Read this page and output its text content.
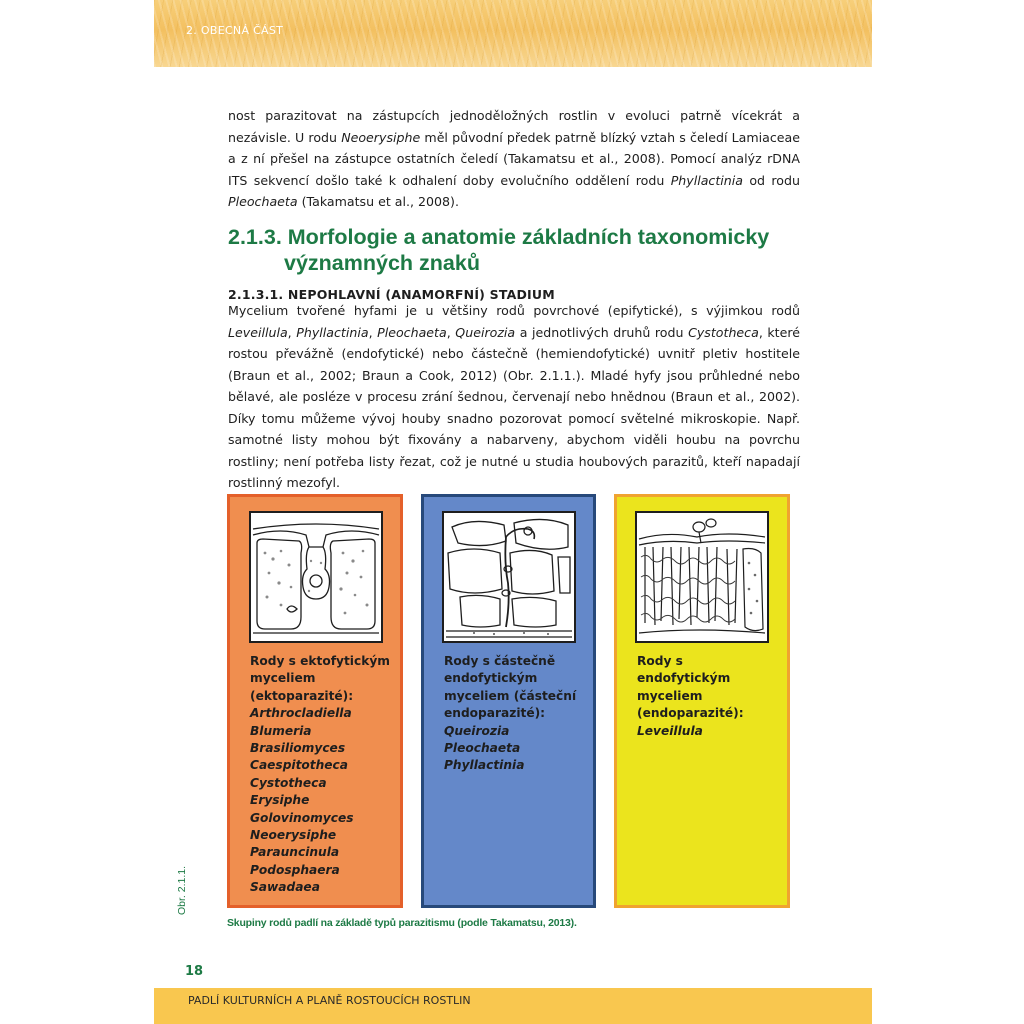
2. OBECNÁ ČÁST

nost parazitovat na zástupcích jednoděložných rostlin v evoluci patrně vícekrát a nezávisle. U rodu Neoerysiphe měl původní předek patrně blízký vztah s čeledí Lamiaceae a z ní přešel na zástupce ostatních čeledí (Takamatsu et al., 2008). Pomocí analýz rDNA ITS sekvencí došlo také k odhalení doby evolučního oddělení rodu Phyllactinia od rodu Pleochaeta (Takamatsu et al., 2008).

2.1.3. Morfologie a anatomie základních taxonomicky
významných znaků
2.1.3.1. NEPOHLAVNÍ (ANAMORFNÍ) STADIUM

Mycelium tvořené hyfami je u většiny rodů povrchové (epifytické), s výjimkou rodů Leveillula, Phyllactinia, Pleochaeta, Queirozia a jednotlivých druhů rodu Cystotheca, které rostou převážně (endofytické) nebo částečně (hemiendofytické) uvnitř pletiv hostitele (Braun et al., 2002; Braun a Cook, 2012) (Obr. 2.1.1.). Mladé hyfy jsou průhledné nebo bělavé, ale posléze v procesu zrání šednou, červenají nebo hnědnou (Braun et al., 2002). Díky tomu můžeme vývoj houby snadno pozorovat pomocí světelné mikroskopie. Např. samotné listy mohou být fixovány a nabarveny, abychom viděli houbu na povrchu rostliny; není potřeba listy řezat, což je nutné u studia houbových parazitů, kteří napadají rostlinný mezofyl.

Obr. 2.1.1.
Rody s ektofytickým myceliem (ektoparazité):
Arthrocladiella
Blumeria
Brasiliomyces
Caespitotheca
Cystotheca
Erysiphe
Golovinomyces
Neoerysiphe
Parauncinula
Podosphaera
Sawadaea
Rody s částečně endofytickým myceliem (částeční endoparazité):
Queirozia
Pleochaeta
Phyllactinia
Rody s endofytickým myceliem (endoparazité):
Leveillula
Skupiny rodů padlí na základě typů parazitismu (podle Takamatsu, 2013).
18
PADLÍ KULTURNÍCH A PLANĚ ROSTOUCÍCH ROSTLIN
